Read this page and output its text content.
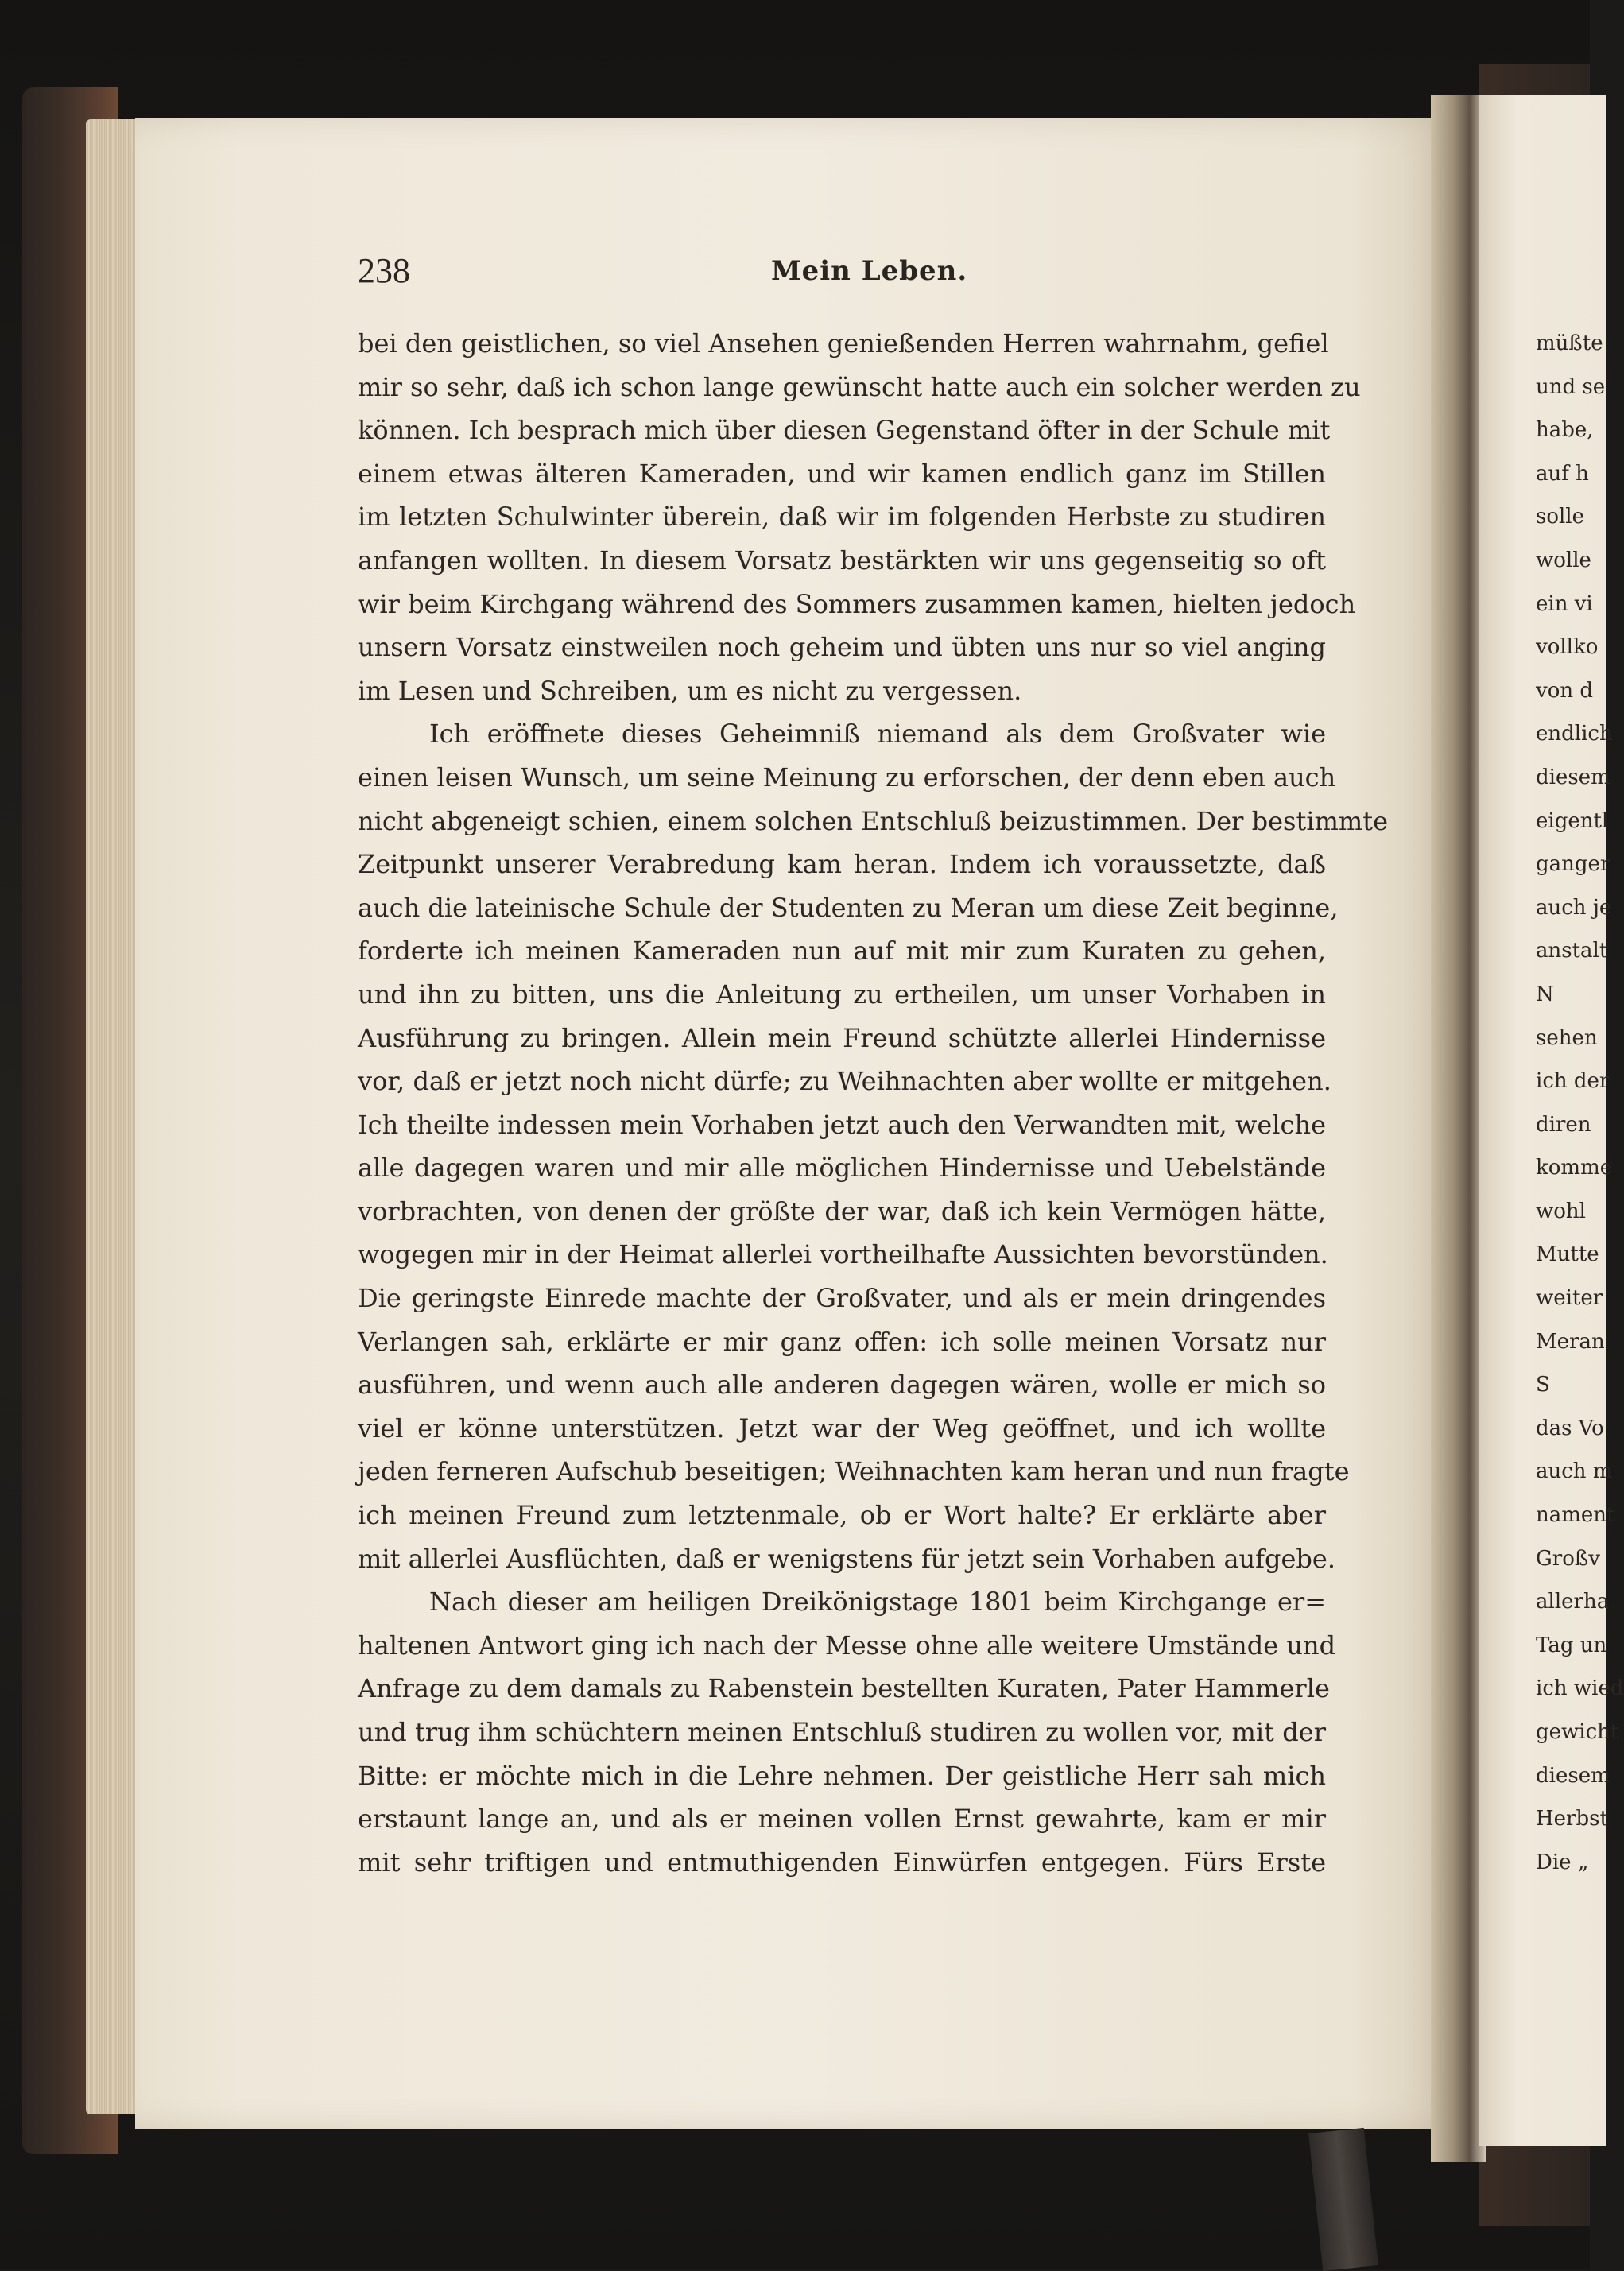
238	Mein Leben.
bei den geistlichen, so viel Ansehen genießenden Herren wahrnahm, gefiel
mir so sehr, daß ich schon lange gewünscht hatte auch ein solcher werden zu
können. Ich besprach mich über diesen Gegenstand öfter in der Schule mit
einem etwas älteren Kameraden, und wir kamen endlich ganz im Stillen
im letzten Schulwinter überein, daß wir im folgenden Herbste zu studiren
anfangen wollten. In diesem Vorsatz bestärkten wir uns gegenseitig so oft
wir beim Kirchgang während des Sommers zusammen kamen, hielten jedoch
unsern Vorsatz einstweilen noch geheim und übten uns nur so viel anging
im Lesen und Schreiben, um es nicht zu vergessen.
Ich eröffnete dieses Geheimniß niemand als dem Großvater wie
einen leisen Wunsch, um seine Meinung zu erforschen, der denn eben auch
nicht abgeneigt schien, einem solchen Entschluß beizustimmen. Der bestimmte
Zeitpunkt unserer Verabredung kam heran. Indem ich voraussetzte, daß
auch die lateinische Schule der Studenten zu Meran um diese Zeit beginne,
forderte ich meinen Kameraden nun auf mit mir zum Kuraten zu gehen,
und ihn zu bitten, uns die Anleitung zu ertheilen, um unser Vorhaben in
Ausführung zu bringen. Allein mein Freund schützte allerlei Hindernisse
vor, daß er jetzt noch nicht dürfe; zu Weihnachten aber wollte er mitgehen.
Ich theilte indessen mein Vorhaben jetzt auch den Verwandten mit, welche
alle dagegen waren und mir alle möglichen Hindernisse und Uebelstände
vorbrachten, von denen der größte der war, daß ich kein Vermögen hätte,
wogegen mir in der Heimat allerlei vortheilhafte Aussichten bevorstünden.
Die geringste Einrede machte der Großvater, und als er mein dringendes
Verlangen sah, erklärte er mir ganz offen: ich solle meinen Vorsatz nur
ausführen, und wenn auch alle anderen dagegen wären, wolle er mich so
viel er könne unterstützen. Jetzt war der Weg geöffnet, und ich wollte
jeden ferneren Aufschub beseitigen; Weihnachten kam heran und nun fragte
ich meinen Freund zum letztenmale, ob er Wort halte? Er erklärte aber
mit allerlei Ausflüchten, daß er wenigstens für jetzt sein Vorhaben aufgebe.
Nach dieser am heiligen Dreikönigstage 1801 beim Kirchgange er=
haltenen Antwort ging ich nach der Messe ohne alle weitere Umstände und
Anfrage zu dem damals zu Rabenstein bestellten Kuraten, Pater Hammerle
und trug ihm schüchtern meinen Entschluß studiren zu wollen vor, mit der
Bitte: er möchte mich in die Lehre nehmen. Der geistliche Herr sah mich
erstaunt lange an, und als er meinen vollen Ernst gewahrte, kam er mir
mit sehr triftigen und entmuthigenden Einwürfen entgegen. Fürs Erste
müßte
und se
habe,
auf h
solle
wolle
ein vi
vollko
von d
endlich
diesem
eigentl
ganger
auch je
anstalt
N
sehen
ich der
diren
komme
wohl
Mutte
weiter
Meran
S
das Vo
auch m
nament
Großv
allerha
Tag un
ich wied
gewicht
diesem
Herbst
Die „
